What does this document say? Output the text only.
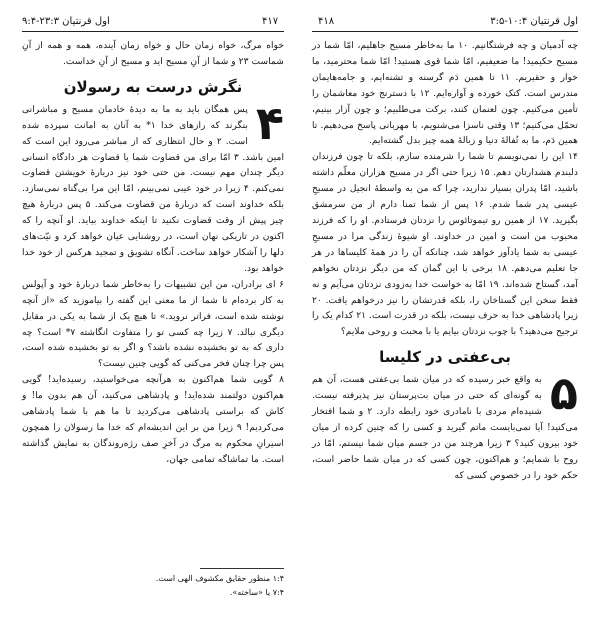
اول قرنتیان ۲۳:۳-۹:۴	۴۱۷	اول قرنتیان ۱۰:۴-۳:۵
۴۱۸

خواه مرگ، خواه زمان حال و خواه زمان آینده، همه و همه از آنِ شماست ۲۳ و شما از آنِ مسیح اید و مسیح از آنِ خداست.

نگرش درست به رسولان
۴

پس همگان باید به ما به دیدهٔ خادمان مسیح و مباشرانی بنگرند که رازهای خدا ۱* به آنان به امانت سپرده شده است. ۲ و حال انتظاری که از مباشر می‌رود این است که امین باشد. ۳ امّا برای من قضاوت شما یا قضاوت هر دادگاه انسانی دیگر چندان مهم نیست. من حتی خود نیز دربارهٔ خویشتن قضاوت نمی‌کنم. ۴ زیرا در خود عیبی نمی‌بینم، امّا این مرا بی‌گناه نمی‌سازد. بلکه خداوند است که دربارهٔ من قضاوت می‌کند. ۵ پس دربارهٔ هیچ چیز پیش از وقت قضاوت نکنید تا اینکه خداوند بیاید. او آنچه را که اکنون در تاریکی نهان است، در روشنایی عیان خواهد کرد و نیّت‌های دلها را آشکار خواهد ساخت. آنگاه تشویق و تمجید هرکس از خود خدا خواهد بود.

۶ ای برادران، من این تشبیهات را به‌خاطر شما دربارهٔ خود و آپولس به کار برده‌ام تا شما از ما معنی این گفته را بیاموزید که «از آنچه نوشته شده است، فراتر نروید.» تا هیچ یک از شما به یکی در مقابل دیگری نبالد. ۷ زیرا چه کسی تو را متفاوت انگاشته ۷* است؟ چه داری که به تو بخشیده نشده باشد؟ و اگر به تو بخشیده شده است، پس چرا چنان فخر می‌کنی که گویی چنین نیست؟

۸ گویی شما هم‌اکنون به هرآنچه می‌خواستید، رسیده‌اید! گویی هم‌اکنون دولتمند شده‌اید! و پادشاهی می‌کنید، آن هم بدون ما! و کاش که براستی پادشاهی می‌کردید تا ما هم با شما پادشاهی می‌کردیم! ۹ زیرا من بر این اندیشه‌ام که خدا ما رسولان را همچون اسیرانِ محکوم به مرگ در آخرِ صف رژه‌روندگان به نمایش گذاشته است. ما تماشاگه تمامی جهان،

۱:۴ منظور حقایق مکشوف الهی است.
۷:۴ یا «ساخته».

چه آدمیان و چه فرشتگانیم. ۱۰ ما به‌خاطر مسیح جاهلیم، امّا شما در مسیح حکیمید! ما ضعیفیم، امّا شما قوی هستید! امّا شما محترمید، ما خوار و حقیریم. ۱۱ تا همین دَم گرسنه و تشنه‌ایم، و جامه‌هایمان مندرس است. کتک خورده و آواره‌ایم. ۱۲ با دسترنج خود معاشمان را تأمین می‌کنیم. چون لعنمان کنند، برکت می‌طلبیم؛ و چون آزار بینیم، تحمّل می‌کنیم؛ ۱۳ وقتی ناسزا می‌شنویم، با مهربانی پاسخ می‌دهیم. تا همین دَم، ما به تُفالهٔ دنیا و زبالهٔ همه چیز بدل گشته‌ایم.

۱۴ این را نمی‌نویسم تا شما را شرمنده سازم، بلکه تا چون فرزندان دلبندم هشدارتان دهم. ۱۵ زیرا حتی اگر در مسیح هزاران معلّم داشته باشید، امّا پدران بسیار ندارید، چرا که من به واسطهٔ انجیل در مسیحِ عیسی پدر شما شدم. ۱۶ پس از شما تمنا دارم از من سرمشق بگیرید. ۱۷ از همین رو تیموتائوس را نزدتان فرستادم. او را که فرزند محبوب من است و امین در خداوند. او شیوهٔ زندگی مرا در مسیحِ عیسی به شما یادآور خواهد شد، چنانکه آن را در همهٔ کلیساها در هر جا تعلیم می‌دهم. ۱۸ برخی با این گمان که من دیگر نزدتان نخواهم آمد، گستاخ شده‌اند. ۱۹ امّا به خواست خدا به‌زودی نزدتان می‌آیم و نه فقط سخن این گستاخان را، بلکه قدرتشان را نیز درخواهم یافت. ۲۰ زیرا پادشاهی خدا به حرف نیست، بلکه در قدرت است. ۲۱ کدام یک را ترجیح می‌دهید؟ با چوب نزدتان بیایم یا با محبت و روحی ملایم؟

بی‌عفتی در کلیسا
۵

به واقع خبر رسیده که در میان شما بی‌عفتی هست، آن هم به گونه‌ای که حتی در میان بت‌پرستان نیز پذیرفته نیست. شنیده‌ام مردی با نامادری خود رابطه دارد. ۲ و شما افتخار می‌کنید! آیا نمی‌بایست ماتم گیرید و کسی را که چنین کرده از میان خود بیرون کنید؟ ۳ زیرا هرچند من در جسم میان شما نیستم، امّا در روح با شمایم؛ و هم‌اکنون، چون کسی که در میان شما حاضر است، حکم خود را در خصوص کسی که
